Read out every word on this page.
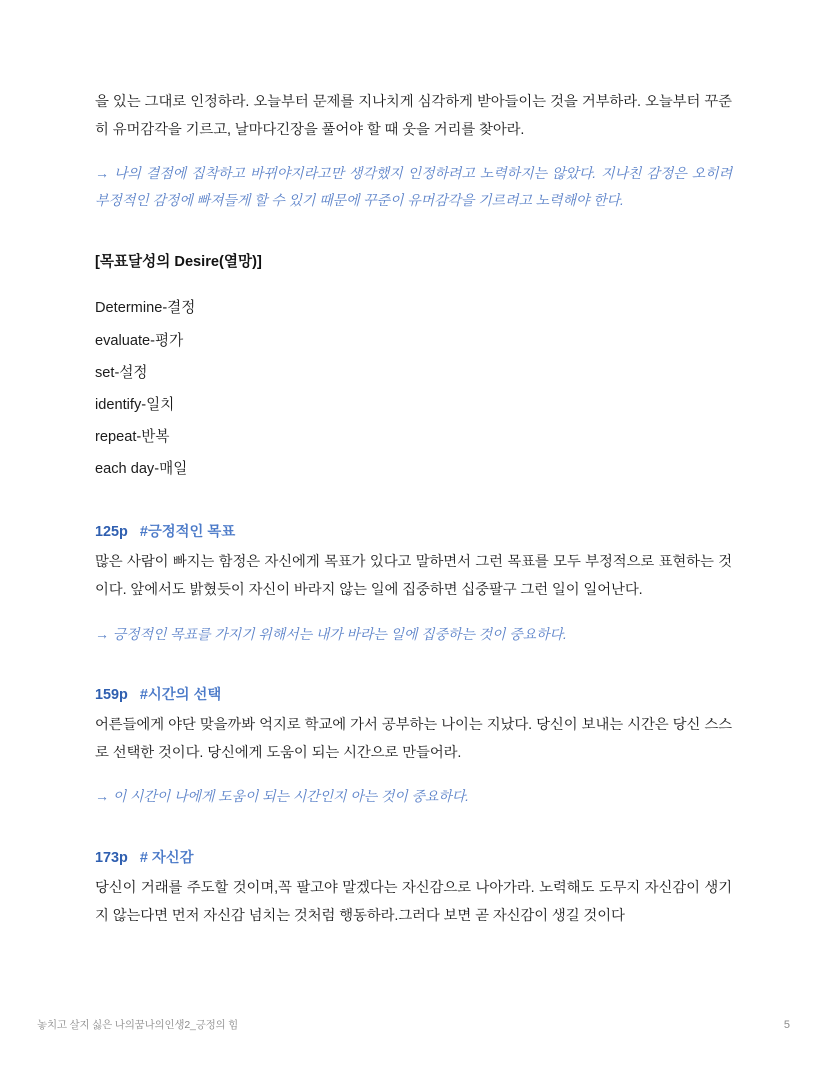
을 있는 그대로 인정하라. 오늘부터 문제를 지나치게 심각하게 받아들이는 것을 거부하라. 오늘부터 꾸준히 유머감각을 기르고, 날마다긴장을 풀어야 할 때 웃을 거리를 찾아라.

→ 나의 결점에 집착하고 바뀌야지라고만 생각했지 인정하려고 노력하지는 않았다. 지나친 감정은 오히려 부정적인 감정에 빠져들게 할 수 있기 때문에 꾸준이 유머감각을 기르려고 노력해야 한다.

[목표달성의 Desire(열망)]

Determine-결정

evaluate-평가

set-설정

identify-일치

repeat-반복

each day-매일

125p #긍정적인 목표

많은 사람이 빠지는 함정은 자신에게 목표가 있다고 말하면서 그런 목표를 모두 부정적으로 표현하는 것이다. 앞에서도 밝혔듯이 자신이 바라지 않는 일에 집중하면 십중팔구 그런 일이 일어난다.

→ 긍정적인 목표를 가지기 위해서는 내가 바라는 일에 집중하는 것이 중요하다.

159p #시간의 선택

어른들에게 야단 맞을까봐 억지로 학교에 가서 공부하는 나이는 지났다. 당신이 보내는 시간은 당신 스스로 선택한 것이다. 당신에게 도움이 되는 시간으로 만들어라.

→ 이 시간이 나에게 도움이 되는 시간인지 아는 것이 중요하다.

173p # 자신감

당신이 거래를 주도할 것이며,꼭 팔고야 말겠다는 자신감으로 나아가라. 노력해도 도무지 자신감이 생기지 않는다면 먼저 자신감 넘치는 것처럼 행동하라.그러다 보면 곧 자신감이 생길 것이다

놓치고 살지 싫은 나의꿈나의인생2_긍정의 힘	5
